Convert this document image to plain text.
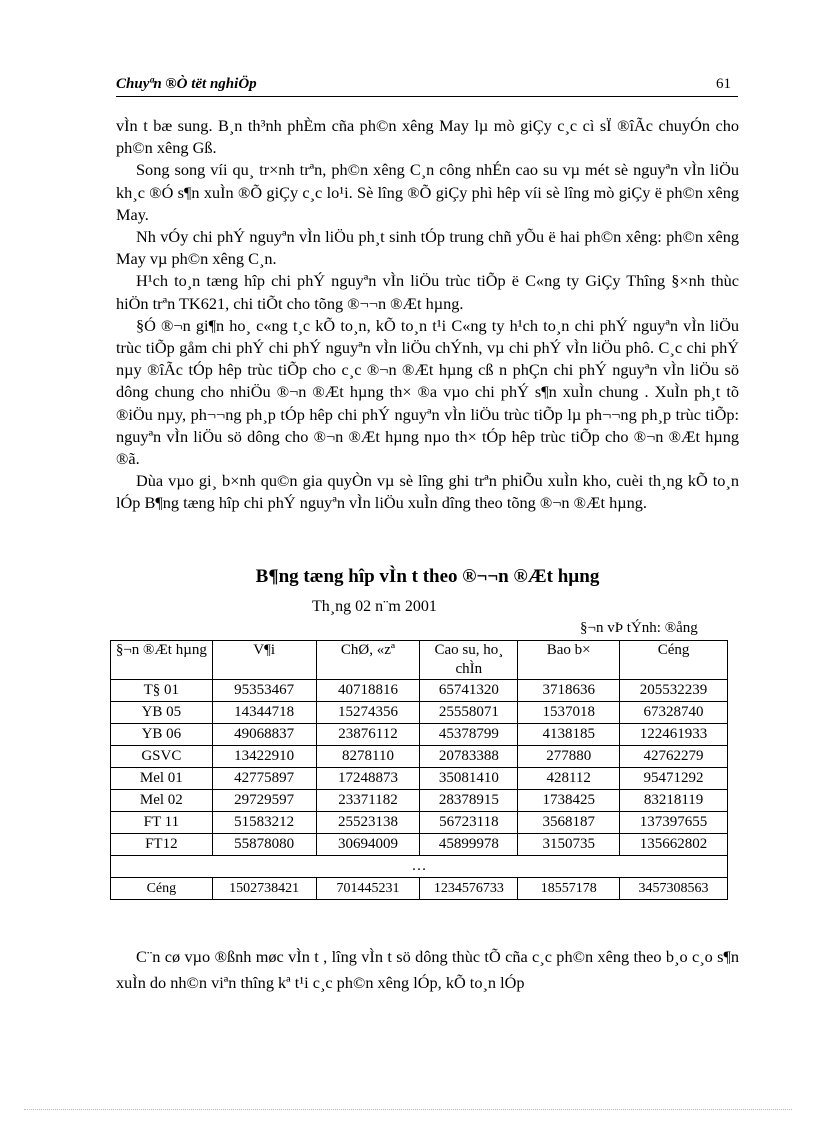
Chuyªn ®Ò tët nghiÖp	61

vÌn t bæ sung. B¸n th³nh phÈm cña ph©n xêng May lµ mò giÇy c¸c cì sÏ ®îÃc chuyÓn cho ph©n xêng Gß.

Song song víi qu¸ tr×nh trªn, ph©n xêng C¸n công nhÉn cao su vµ mét sè nguyªn vÌn liÖu kh¸c ®Ó s¶n xuÌn ®Õ giÇy c¸c lo¹i. Sè lîng ®Õ giÇy phì hêp víi sè lîng mò giÇy ë ph©n xêng May.

Nh vÓy chi phÝ nguyªn vÌn liÖu ph¸t sinh tÓp trung chñ yÕu ë hai ph©n xêng: ph©n xêng May vµ ph©n xêng C¸n.

H¹ch to¸n tæng hîp chi phÝ nguyªn vÌn liÖu trùc tiÕp ë C«ng ty GiÇy Thîng §×nh thùc hiÖn trªn TK621, chi tiÕt cho tõng ®¬¬n ®Æt hµng.

§Ó ®¬n gi¶n ho¸ c«ng t¸c kÕ to¸n, kÕ to¸n t¹i C«ng ty h¹ch to¸n chi phÝ nguyªn vÌn liÖu trùc tiÕp gåm chi phÝ chi phÝ nguyªn vÌn liÖu chÝnh, vµ chi phÝ vÌn liÖu phô. C¸c chi phÝ nµy ®îÃc tÓp hêp trùc tiÕp cho c¸c ®¬n ®Æt hµng cß n phÇn chi phÝ nguyªn vÌn liÖu sö dông chung cho nhiÖu ®¬n ®Æt hµng th× ®a vµo chi phÝ s¶n xuÌn chung . XuÌn ph¸t tõ ®iÖu nµy, ph¬¬ng ph¸p tÓp hêp chi phÝ nguyªn vÌn liÖu trùc tiÕp lµ ph¬¬ng ph¸p trùc tiÕp: nguyªn vÌn liÖu sö dông cho ®¬n ®Æt hµng nµo th× tÓp hêp trùc tiÕp cho ®¬n ®Æt hµng ®ã.

Dùa vµo gi¸ b×nh qu©n gia quyÒn vµ sè lîng ghi trªn phiÕu xuÌn kho, cuèi th¸ng kÕ to¸n lÓp B¶ng tæng hîp chi phÝ nguyªn vÌn liÖu xuÌn dîng theo tõng ®¬n ®Æt hµng.

B¶ng tæng hîp vÌn t theo ®¬¬n ®Æt hµng
Th¸ng 02 n¨m 2001
§¬n vÞ tÝnh: ®ång
§¬n ®Æt hµng	V¶i	ChØ, «zª	Cao su, ho¸ chÌn	Bao b×	Céng
T§ 01	95353467	40718816	65741320	3718636	205532239
YB 05	14344718	15274356	25558071	1537018	67328740
YB 06	49068837	23876112	45378799	4138185	122461933
GSVC	13422910	8278110	20783388	277880	42762279
Mel 01	42775897	17248873	35081410	428112	95471292
Mel 02	29729597	23371182	28378915	1738425	83218119
FT 11	51583212	25523138	56723118	3568187	137397655
FT12	55878080	30694009	45899978	3150735	135662802
…					
Céng	1502738421	701445231	1234576733	18557178	3457308563

C¨n cø vµo ®ßnh møc vÌn t , lîng vÌn t sö dông thùc tÕ cña c¸c ph©n xêng theo b¸o c¸o s¶n xuÌn do nh©n viªn thîng kª t¹i c¸c ph©n xêng lÓp, kÕ to¸n lÓp
